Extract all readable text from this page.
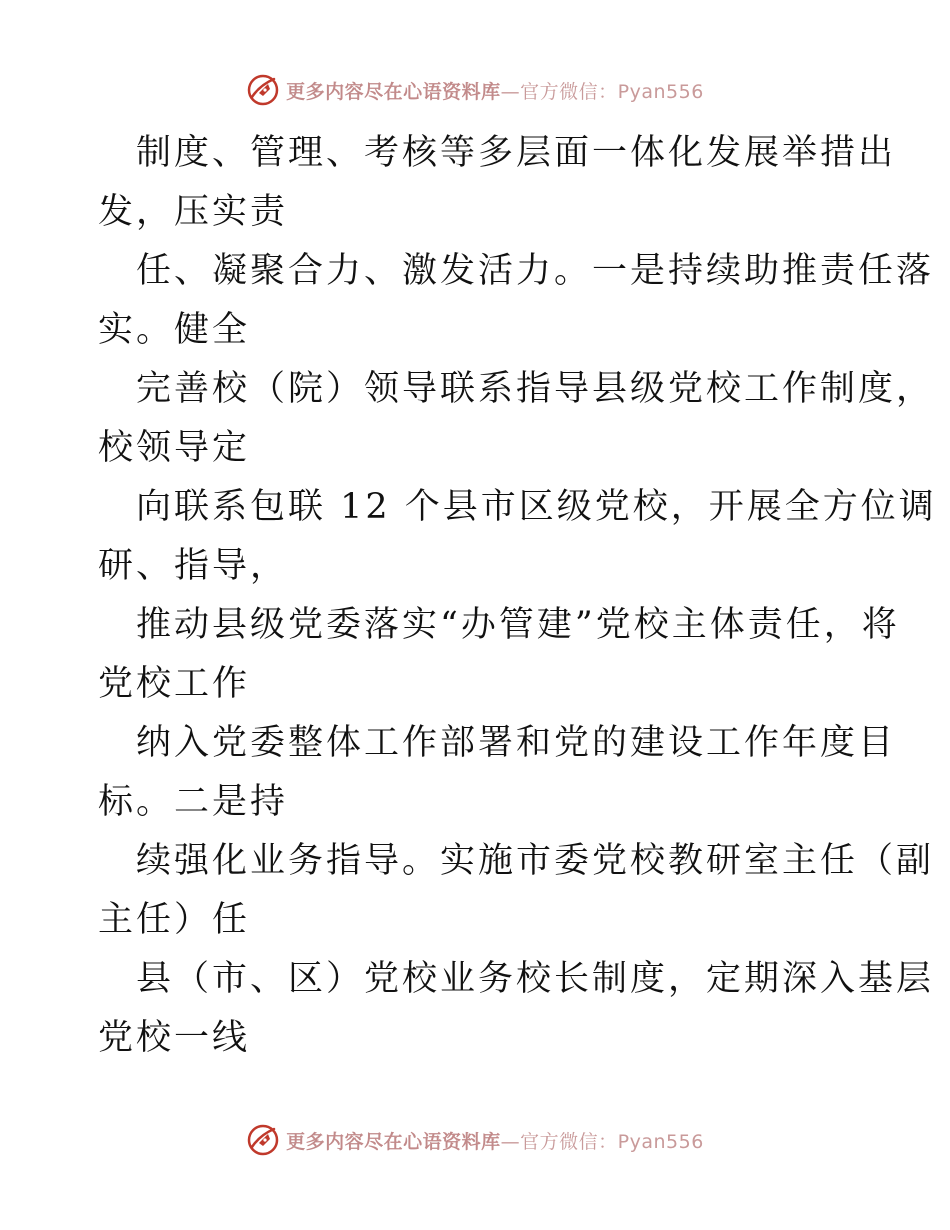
更多内容尽在心语资料库—官方微信：Pyan556
制度、管理、考核等多层面一体化发展举措出
发，压实责
任、凝聚合力、激发活力。一是持续助推责任落
实。健全
完善校（院）领导联系指导县级党校工作制度，
校领导定
向联系包联 12 个县市区级党校，开展全方位调
研、指导，
推动县级党委落实“办管建”党校主体责任，将
党校工作
纳入党委整体工作部署和党的建设工作年度目
标。二是持
续强化业务指导。实施市委党校教研室主任（副
主任）任
县（市、区）党校业务校长制度，定期深入基层
党校一线
更多内容尽在心语资料库—官方微信：Pyan556
